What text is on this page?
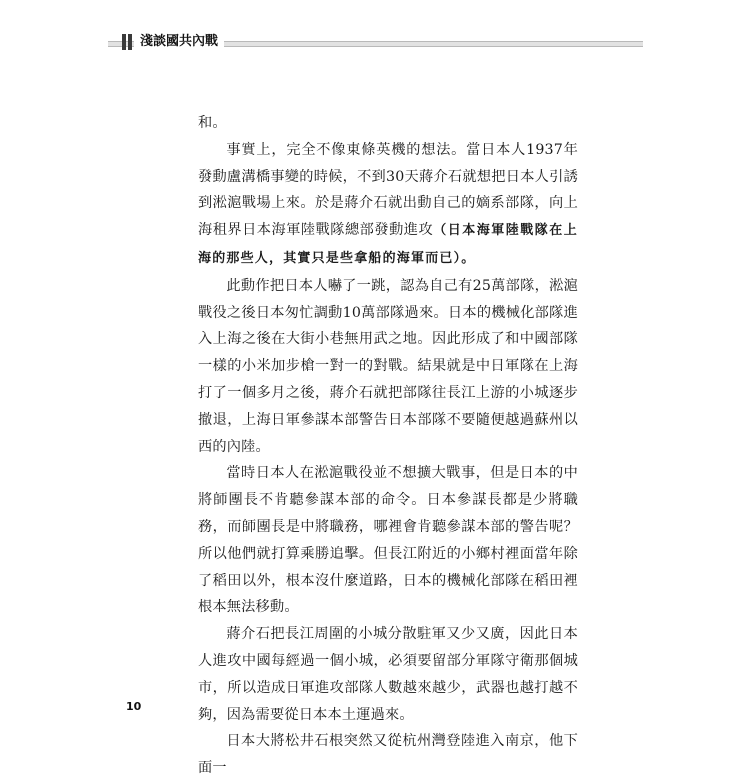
淺談國共內戰

和。

事實上，完全不像東條英機的想法。當日本人1937年發動盧溝橋事變的時候，不到30天蔣介石就想把日本人引誘到淞滬戰場上來。於是蔣介石就出動自己的嫡系部隊，向上海租界日本海軍陸戰隊總部發動進攻（日本海軍陸戰隊在上海的那些人，其實只是些拿船的海軍而已）。

此動作把日本人嚇了一跳，認為自己有25萬部隊，淞滬戰役之後日本匆忙調動10萬部隊過來。日本的機械化部隊進入上海之後在大街小巷無用武之地。因此形成了和中國部隊一樣的小米加步槍一對一的對戰。結果就是中日軍隊在上海打了一個多月之後，蔣介石就把部隊往長江上游的小城逐步撤退，上海日軍參謀本部警告日本部隊不要隨便越過蘇州以西的內陸。

當時日本人在淞滬戰役並不想擴大戰事，但是日本的中將師團長不肯聽參謀本部的命令。日本參謀長都是少將職務，而師團長是中將職務，哪裡會肯聽參謀本部的警告呢？所以他們就打算乘勝追擊。但長江附近的小鄉村裡面當年除了稻田以外，根本沒什麼道路，日本的機械化部隊在稻田裡根本無法移動。

蔣介石把長江周圍的小城分散駐軍又少又廣，因此日本人進攻中國每經過一個小城，必須要留部分軍隊守衛那個城市，所以造成日軍進攻部隊人數越來越少，武器也越打越不夠，因為需要從日本本土運過來。

日本大將松井石根突然又從杭州灣登陸進入南京，他下面一

10
